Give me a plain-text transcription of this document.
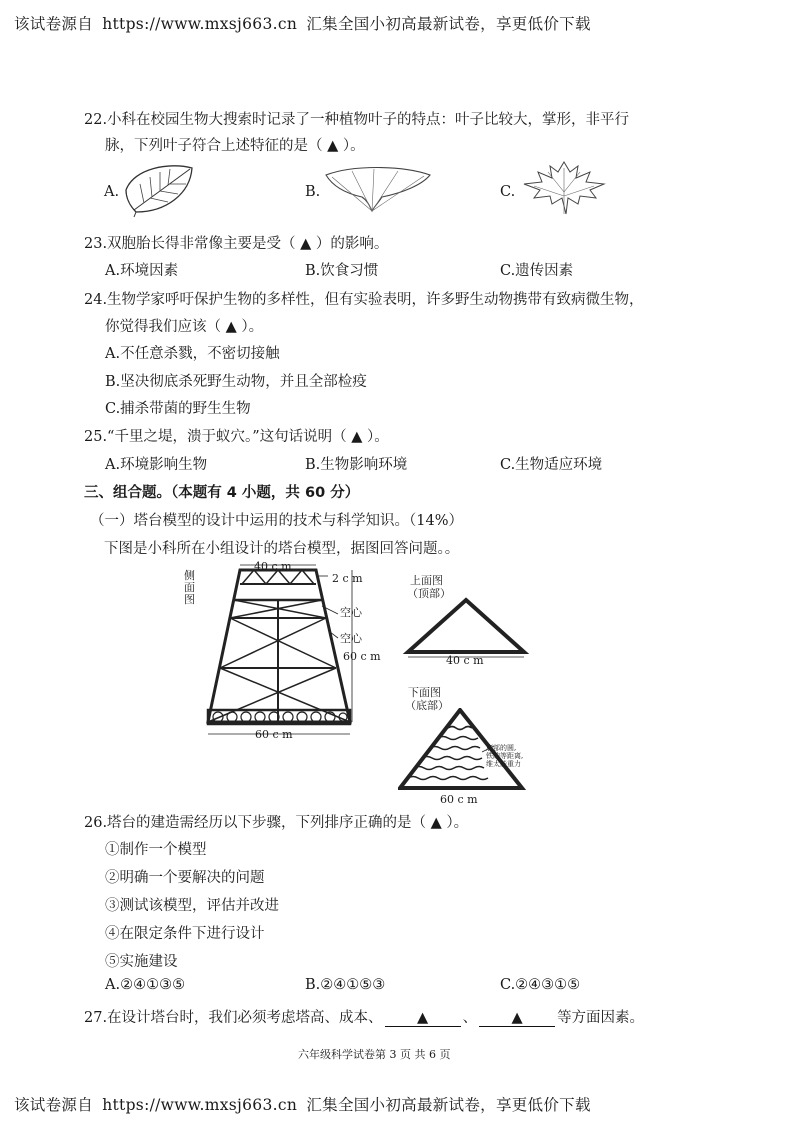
该试卷源自 https://www.mxsj663.cn 汇集全国小初高最新试卷，享更低价下载
22.小科在校园生物大搜索时记录了一种植物叶子的特点：叶子比较大，掌形，非平行
脉，下列叶子符合上述特征的是（ ▲ ）。
A.	B.	C.
23.双胞胎长得非常像主要是受（ ▲ ）的影响。
A.环境因素	B.饮食习惯	C.遗传因素
24.生物学家呼吁保护生物的多样性，但有实验表明，许多野生动物携带有致病微生物，
你觉得我们应该（ ▲ ）。
A.不任意杀戮，不密切接触
B.坚决彻底杀死野生动物，并且全部检疫
C.捕杀带菌的野生生物
25.“千里之堤，溃于蚁穴。”这句话说明（ ▲ ）。
A.环境影响生物	B.生物影响环境	C.生物适应环境
三、组合题。（本题有 4 小题，共 60 分）
（一）塔台模型的设计中运用的技术与科学知识。（14%）
下图是小科所在小组设计的塔台模型，据图回答问题。。
侧面图
40 c m
2 c m
空心
空心
60 c m
60 c m
上面图
（顶部）
40 c m
下面图
（底部）
底部的圆,
铁的等距离,
维太能重力
60 c m
26.塔台的建造需经历以下步骤，下列排序正确的是（ ▲ ）。
①制作一个模型
②明确一个要解决的问题
③测试该模型，评估并改进
④在限定条件下进行设计
⑤实施建设
A.②④①③⑤	B.②④①⑤③	C.②④③①⑤
27.在设计塔台时，我们必须考虑塔高、成本、 ▲ 、 ▲ 等方面因素。
六年级科学试卷第 3 页 共 6 页
该试卷源自 https://www.mxsj663.cn 汇集全国小初高最新试卷，享更低价下载
